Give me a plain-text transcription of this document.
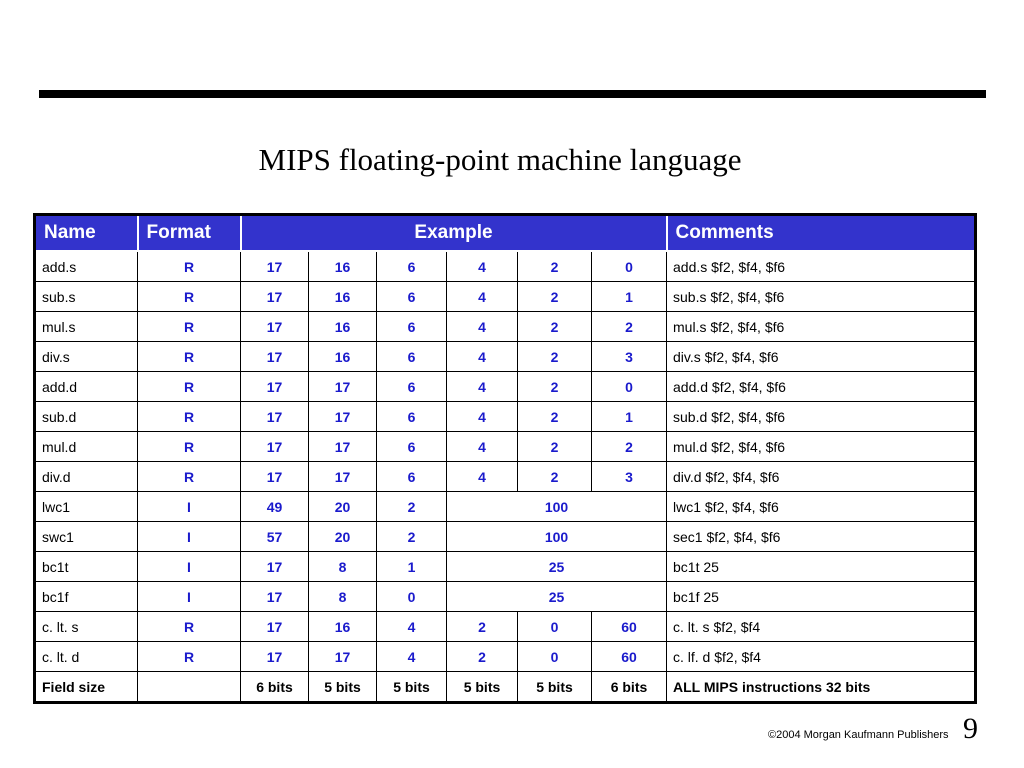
MIPS floating-point machine language
Name	Format	Example						Comments
add.s	R	17	16	6	4	2	0	add.s $f2, $f4, $f6
sub.s	R	17	16	6	4	2	1	sub.s $f2, $f4, $f6
mul.s	R	17	16	6	4	2	2	mul.s $f2, $f4, $f6
div.s	R	17	16	6	4	2	3	div.s $f2, $f4, $f6
add.d	R	17	17	6	4	2	0	add.d $f2, $f4, $f6
sub.d	R	17	17	6	4	2	1	sub.d $f2, $f4, $f6
mul.d	R	17	17	6	4	2	2	mul.d $f2, $f4, $f6
div.d	R	17	17	6	4	2	3	div.d $f2, $f4, $f6
lwc1	I	49	20	2	100			lwc1 $f2, $f4, $f6
swc1	I	57	20	2	100			sec1 $f2, $f4, $f6
bc1t	I	17	8	1	25			bc1t 25
bc1f	I	17	8	0	25			bc1f 25
c. lt. s	R	17	16	4	2	0	60	c. lt. s $f2, $f4
c. lt. d	R	17	17	4	2	0	60	c. lf. d $f2, $f4
Field size		6 bits	5 bits	5 bits	5 bits	5 bits	6 bits	ALL MIPS instructions 32 bits
©2004 Morgan Kaufmann Publishers 9
